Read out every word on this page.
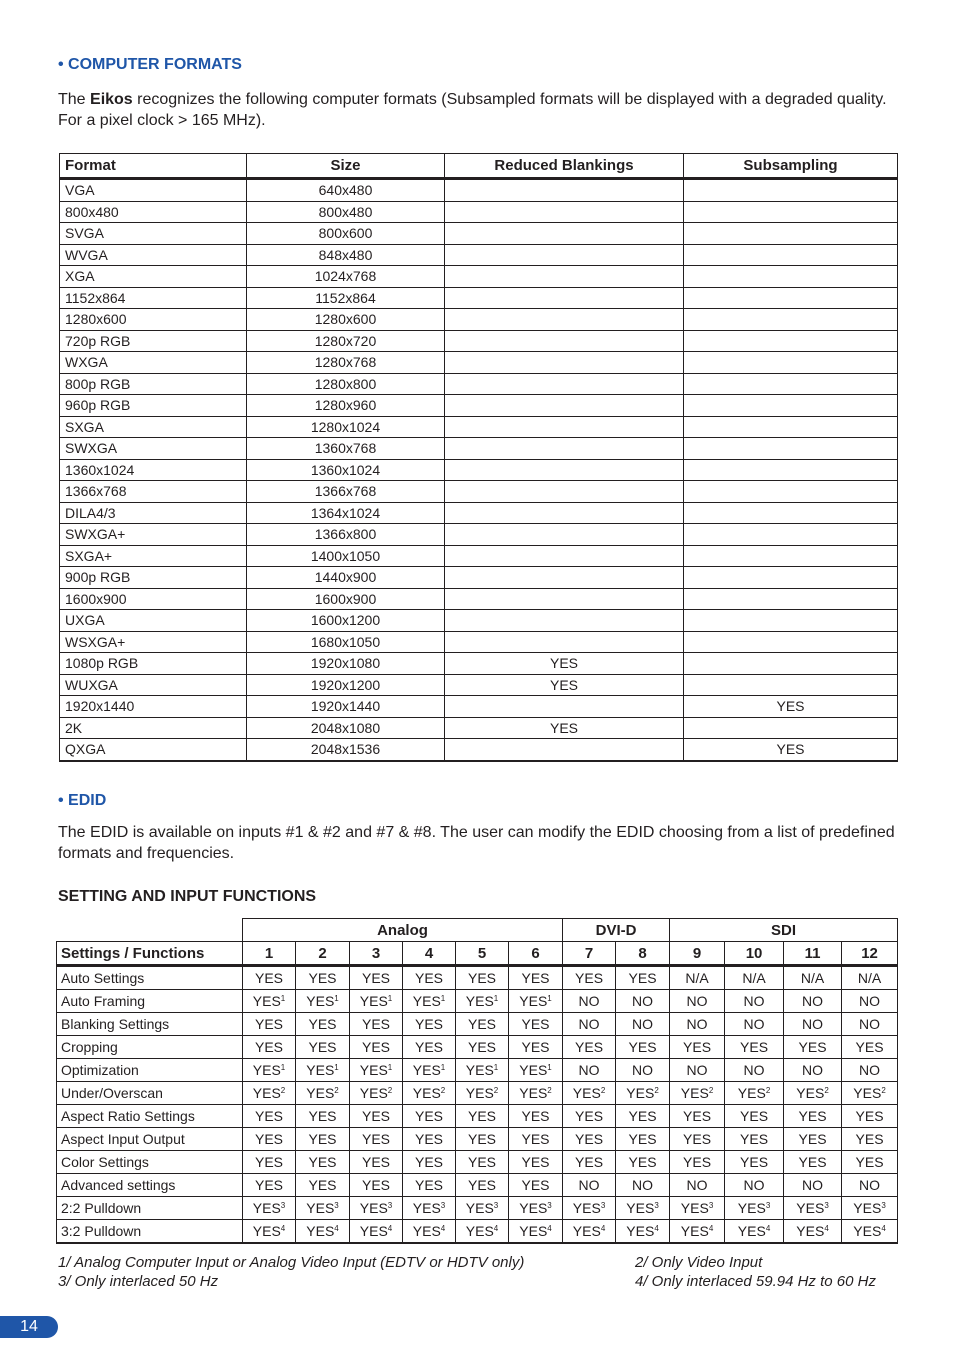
• COMPUTER FORMATS
The Eikos recognizes the following computer formats (Subsampled formats will be displayed with a degraded quality. For a pixel clock > 165 MHz).
Format	Size	Reduced Blankings	Subsampling
VGA	640x480		
800x480	800x480		
SVGA	800x600		
WVGA	848x480		
XGA	1024x768		
1152x864	1152x864		
1280x600	1280x600		
720p RGB	1280x720		
WXGA	1280x768		
800p RGB	1280x800		
960p RGB	1280x960		
SXGA	1280x1024		
SWXGA	1360x768		
1360x1024	1360x1024		
1366x768	1366x768		
DILA4/3	1364x1024		
SWXGA+	1366x800		
SXGA+	1400x1050		
900p RGB	1440x900		
1600x900	1600x900		
UXGA	1600x1200		
WSXGA+	1680x1050		
1080p RGB	1920x1080	YES	
WUXGA	1920x1200	YES	
1920x1440	1920x1440		YES
2K	2048x1080	YES	
QXGA	2048x1536		YES
• EDID
The EDID is available on inputs #1 & #2 and #7 & #8. The user can modify the EDID choosing from a list of predefined formats and frequencies.
SETTING AND INPUT FUNCTIONS
	Analog						DVI-D		SDI			
Settings / Functions	1	2	3	4	5	6	7	8	9	10	11	12
Auto Settings	YES	YES	YES	YES	YES	YES	YES	YES	N/A	N/A	N/A	N/A
Auto Framing	YES$^1$	YES$^1$	YES$^1$	YES$^1$	YES$^1$	YES$^1$	NO	NO	NO	NO	NO	NO
Blanking Settings	YES	YES	YES	YES	YES	YES	NO	NO	NO	NO	NO	NO
Cropping	YES	YES	YES	YES	YES	YES	YES	YES	YES	YES	YES	YES
Optimization	YES$^1$	YES$^1$	YES$^1$	YES$^1$	YES$^1$	YES$^1$	NO	NO	NO	NO	NO	NO
Under/Overscan	YES$^2$	YES$^2$	YES$^2$	YES$^2$	YES$^2$	YES$^2$	YES$^2$	YES$^2$	YES$^2$	YES$^2$	YES$^2$	YES$^2$
Aspect Ratio Settings	YES	YES	YES	YES	YES	YES	YES	YES	YES	YES	YES	YES
Aspect Input Output	YES	YES	YES	YES	YES	YES	YES	YES	YES	YES	YES	YES
Color Settings	YES	YES	YES	YES	YES	YES	YES	YES	YES	YES	YES	YES
Advanced settings	YES	YES	YES	YES	YES	YES	NO	NO	NO	NO	NO	NO
2:2 Pulldown	YES$^3$	YES$^3$	YES$^3$	YES$^3$	YES$^3$	YES$^3$	YES$^3$	YES$^3$	YES$^3$	YES$^3$	YES$^3$	YES$^3$
3:2 Pulldown	YES$^4$	YES$^4$	YES$^4$	YES$^4$	YES$^4$	YES$^4$	YES$^4$	YES$^4$	YES$^4$	YES$^4$	YES$^4$	YES$^4$
1/ Analog Computer Input or Analog Video Input (EDTV or HDTV only)	2/ Only Video Input
3/ Only interlaced 50 Hz	4/ Only interlaced 59.94 Hz to 60 Hz
14
